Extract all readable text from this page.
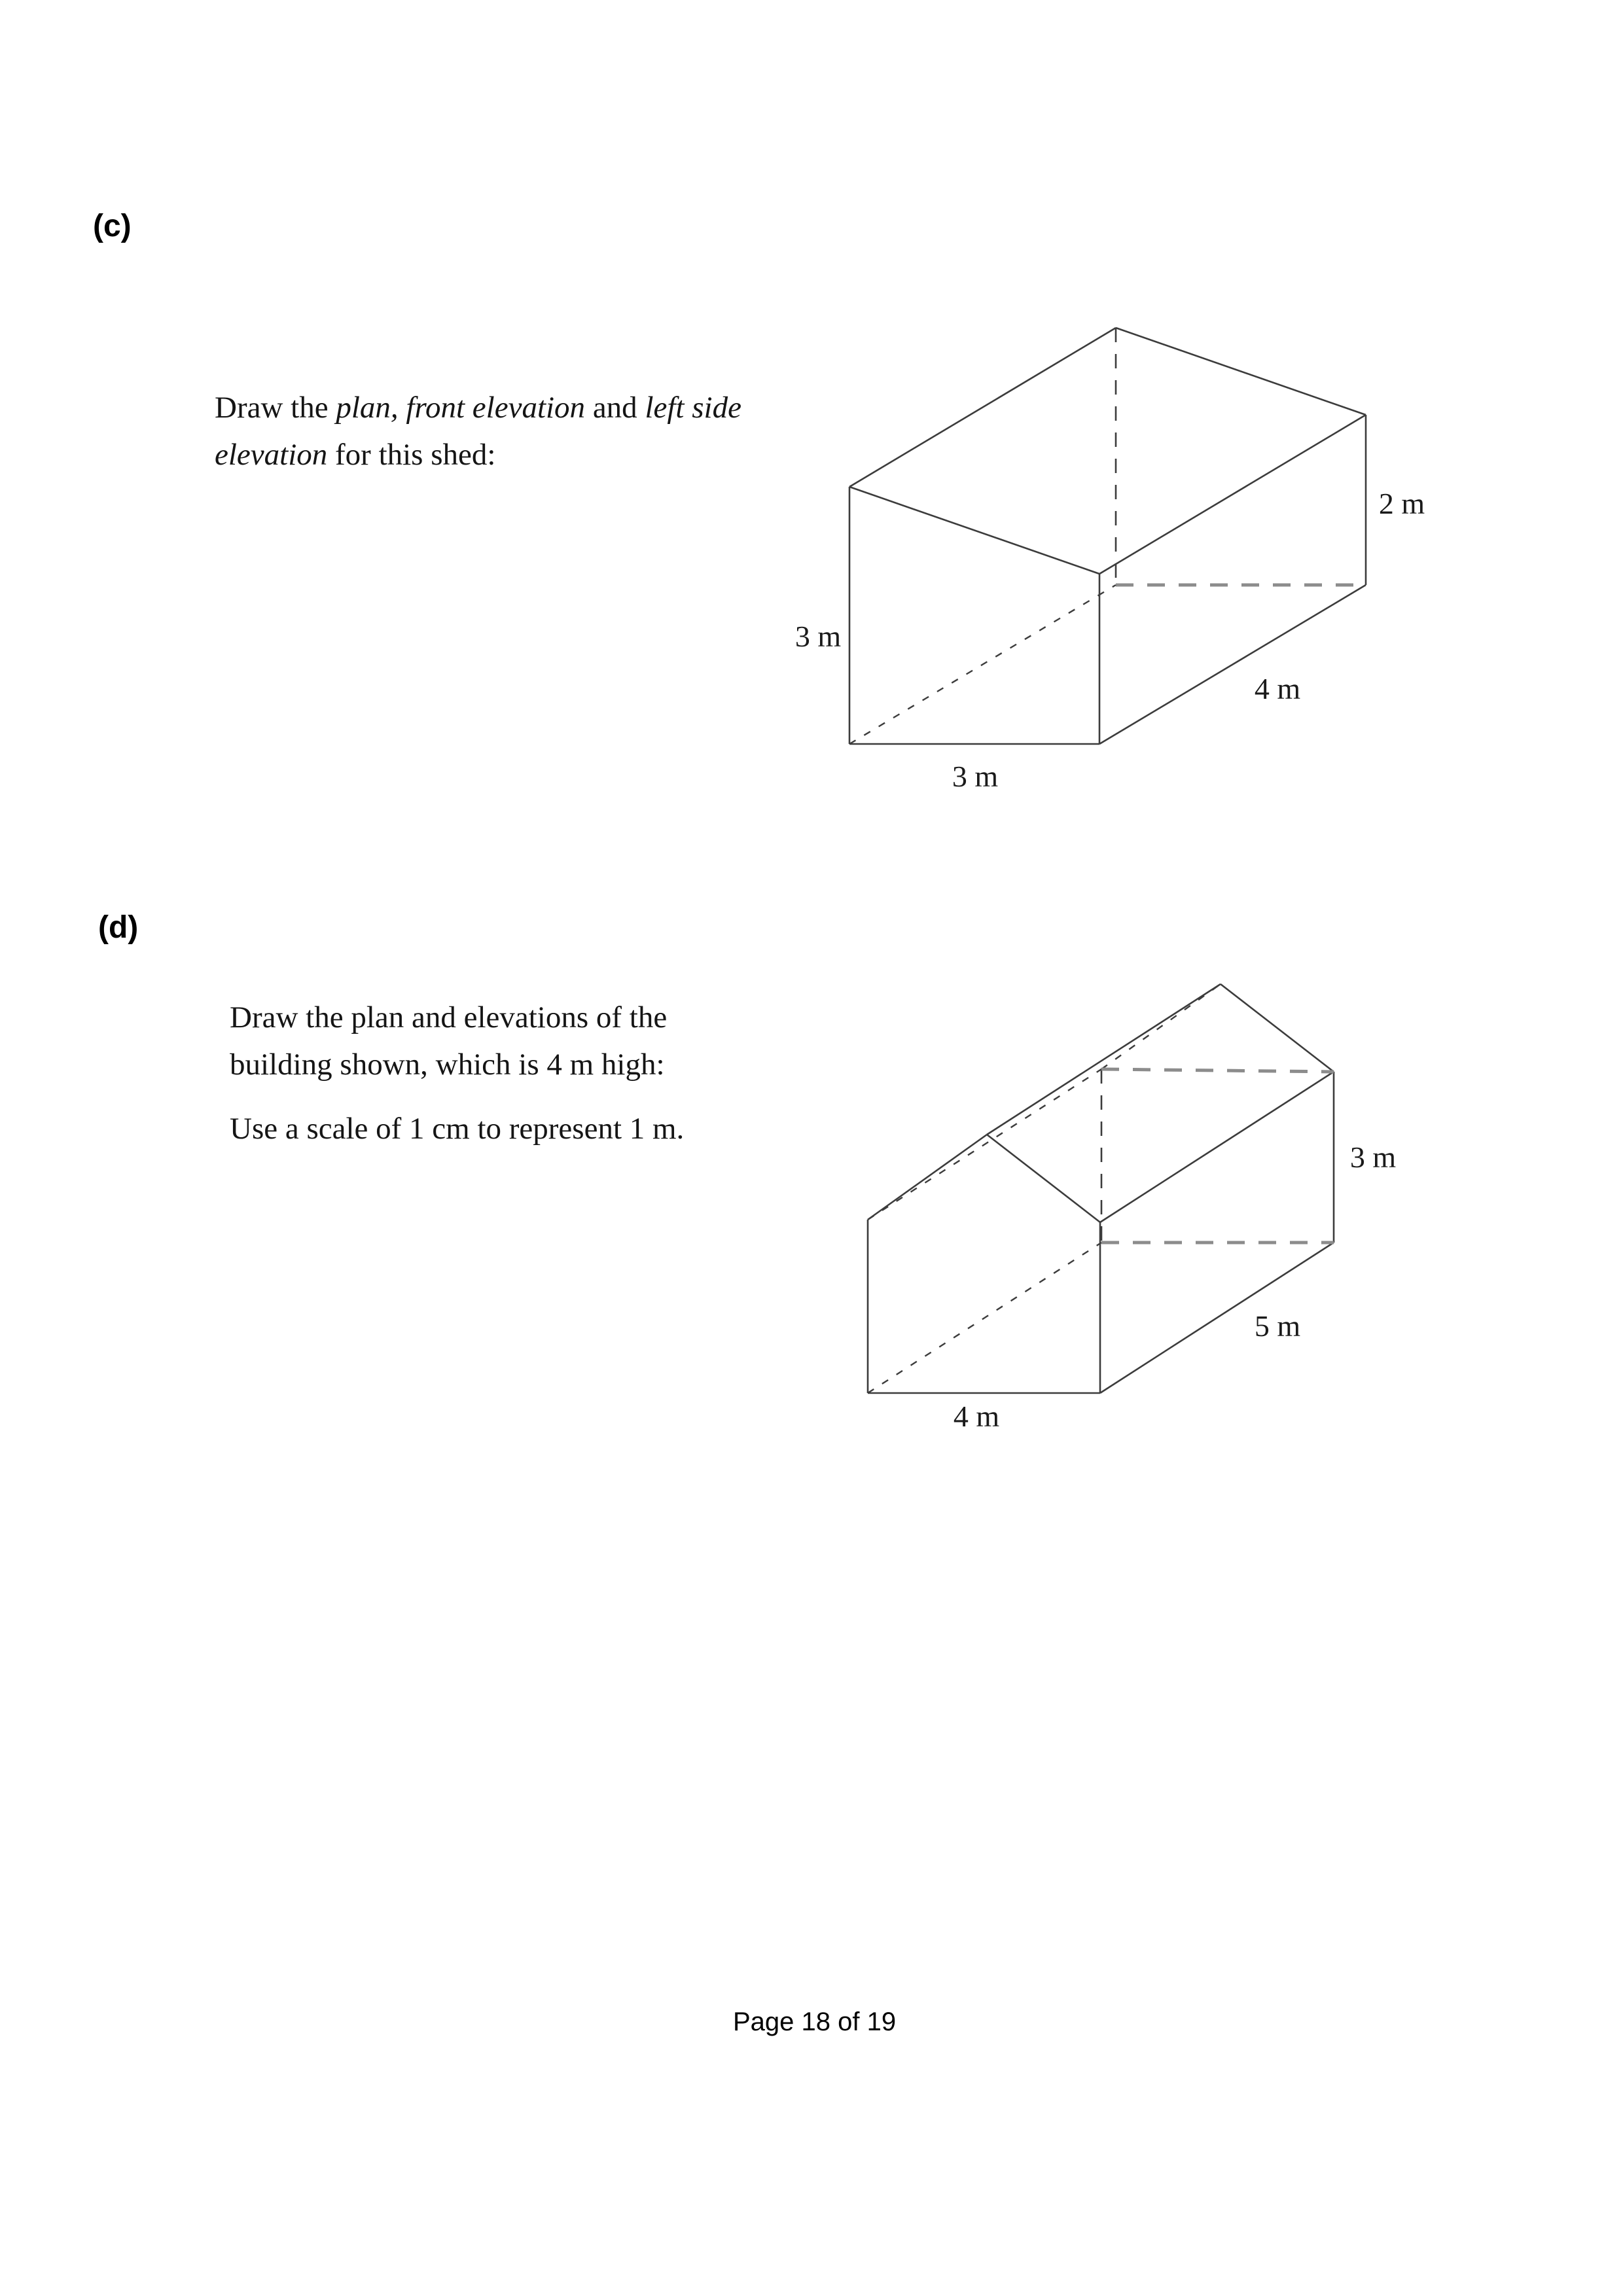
(c)
Draw the plan, front elevation and left side
elevation for this shed:
3 m
3 m
4 m
2 m
(d)
Draw the plan and elevations of the
building shown, which is 4 m high:
Use a scale of 1 cm to represent 1 m.
3 m
5 m
4 m
Page 18 of 19
